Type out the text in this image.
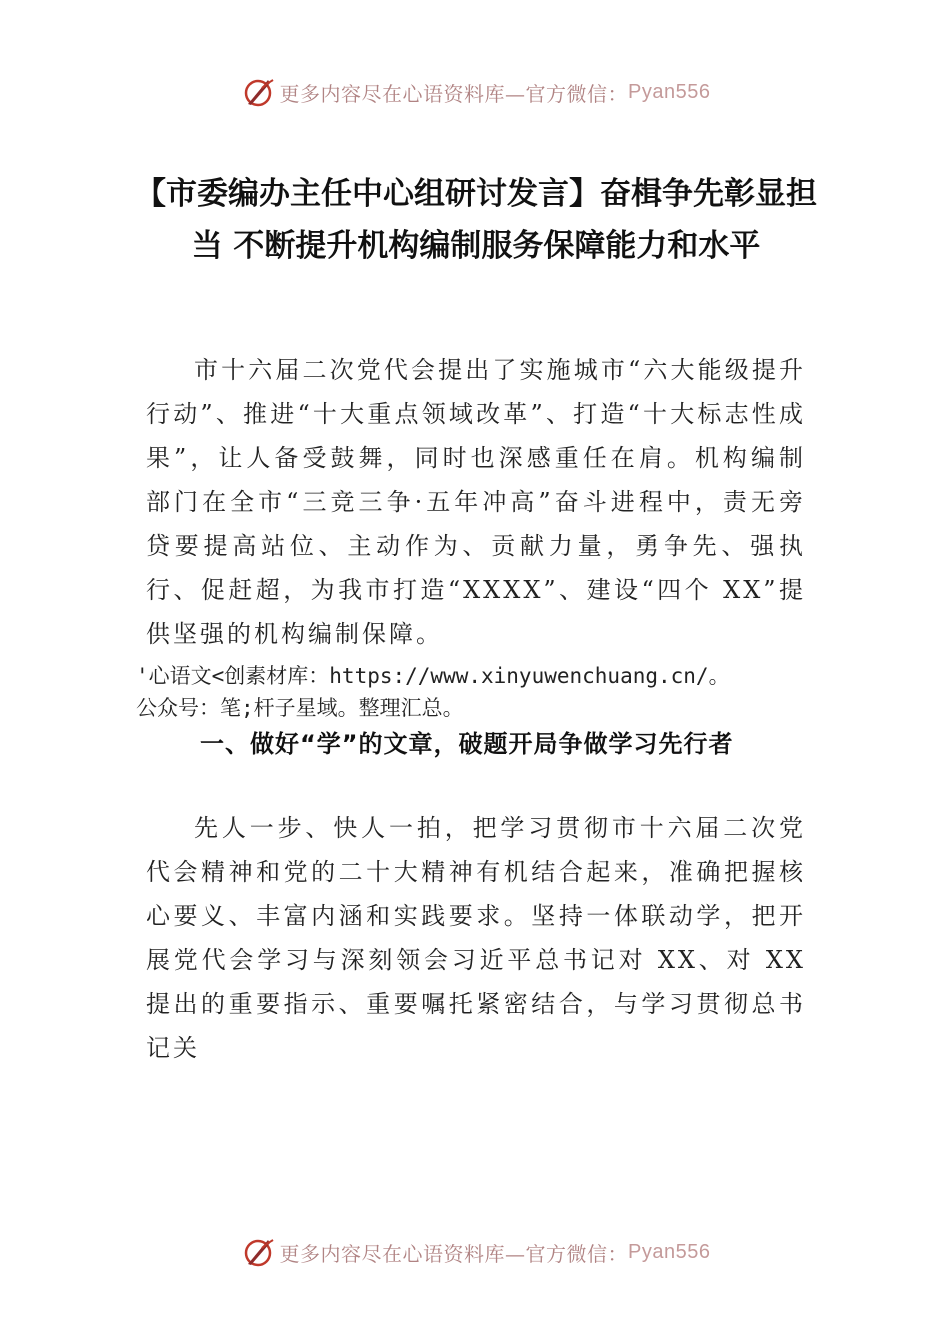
更多内容尽在心语资料库—官方微信： Pyan556
【市委编办主任中心组研讨发言】奋楫争先彰显担当 不断提升机构编制服务保障能力和水平

市十六届二次党代会提出了实施城市“六大能级提升行动”、推进“十大重点领域改革”、打造“十大标志性成果”，让人备受鼓舞，同时也深感重任在肩。机构编制部门在全市“三竞三争·五年冲高”奋斗进程中，责无旁贷要提高站位、主动作为、贡献力量，勇争先、强执行、促赶超，为我市打造“XXXX”、建设“四个 XX”提供坚强的机构编制保障。

'心语文<创素材库：https://www.xinyuwenchuang.cn/。
公众号：笔;杆子星域。整理汇总。

一、做好“学”的文章，破题开局争做学习先行者

先人一步、快人一拍，把学习贯彻市十六届二次党代会精神和党的二十大精神有机结合起来，准确把握核心要义、丰富内涵和实践要求。坚持一体联动学，把开展党代会学习与深刻领会习近平总书记对 XX、对 XX 提出的重要指示、重要嘱托紧密结合，与学习贯彻总书记关

更多内容尽在心语资料库—官方微信： Pyan556
